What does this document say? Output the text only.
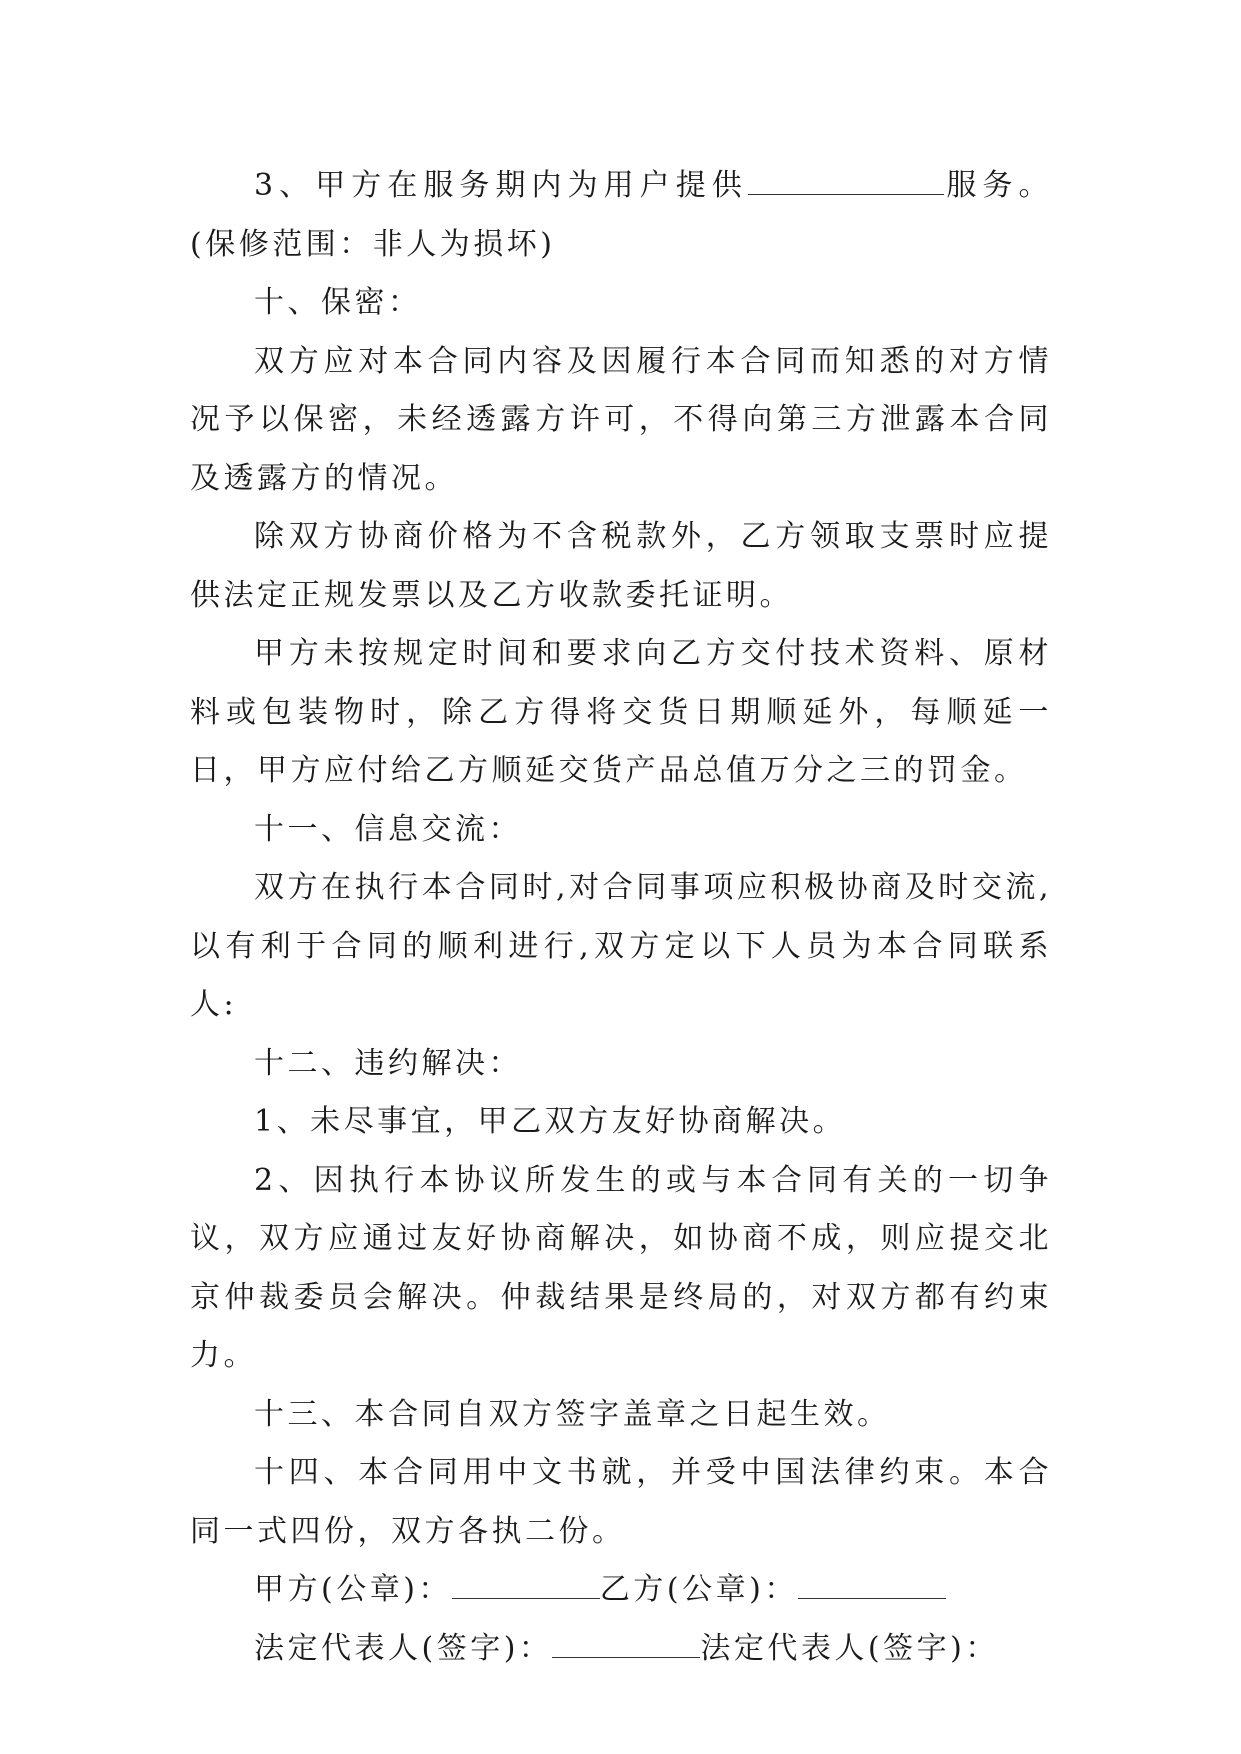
3、甲方在服务期内为用户提供	服务。(保修范围：非人为损坏)

十、保密：

双方应对本合同内容及因履行本合同而知悉的对方情况予以保密，未经透露方许可，不得向第三方泄露本合同及透露方的情况。

除双方协商价格为不含税款外，乙方领取支票时应提供法定正规发票以及乙方收款委托证明。

甲方未按规定时间和要求向乙方交付技术资料、原材料或包装物时，除乙方得将交货日期顺延外，每顺延一日，甲方应付给乙方顺延交货产品总值万分之三的罚金。

十一、信息交流：

双方在执行本合同时,对合同事项应积极协商及时交流,以有利于合同的顺利进行,双方定以下人员为本合同联系人:

十二、违约解决：

1、未尽事宜，甲乙双方友好协商解决。

2、因执行本协议所发生的或与本合同有关的一切争议，双方应通过友好协商解决，如协商不成，则应提交北京仲裁委员会解决。仲裁结果是终局的，对双方都有约束力。

十三、本合同自双方签字盖章之日起生效。

十四、本合同用中文书就，并受中国法律约束。本合同一式四份，双方各执二份。

甲方(公章)：	乙方(公章)：

法定代表人(签字)：	法定代表人(签字)：
